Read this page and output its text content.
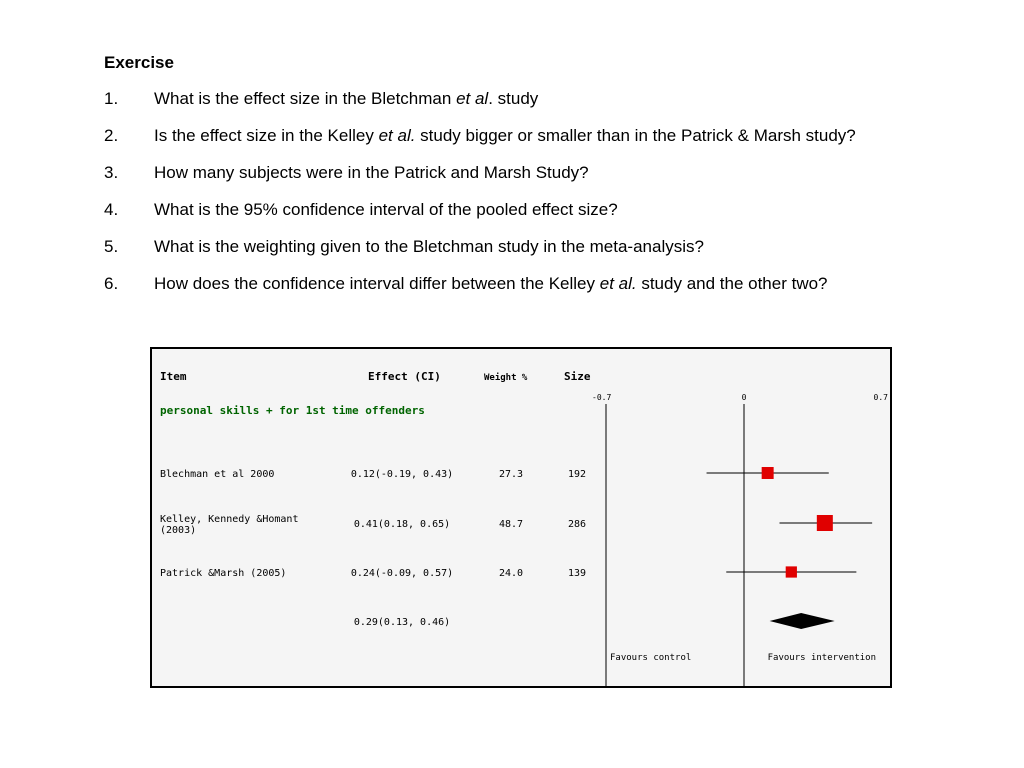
Exercise

1. What is the effect size in the Bletchman et al. study
2. Is the effect size in the Kelley et al. study bigger or smaller than in the Patrick & Marsh study?
3. How many subjects were in the Patrick and Marsh Study?
4. What is the 95% confidence interval of the pooled effect size?
5. What is the weighting given to the Bletchman study in the meta-analysis?
6. How does the confidence interval differ between the Kelley et al. study and the other two?
Item	Effect (CI)	Weight %	Size
-0.7	0	0.7
personal skills + for 1st time offenders
Blechman et al 2000	0.12(-0.19, 0.43)	27.3	192
Kelley, Kennedy &Homant
(2003)
0.41(0.18, 0.65)	48.7	286
Patrick &Marsh (2005)	0.24(-0.09, 0.57)	24.0	139
0.29(0.13, 0.46)
Favours control	Favours intervention
